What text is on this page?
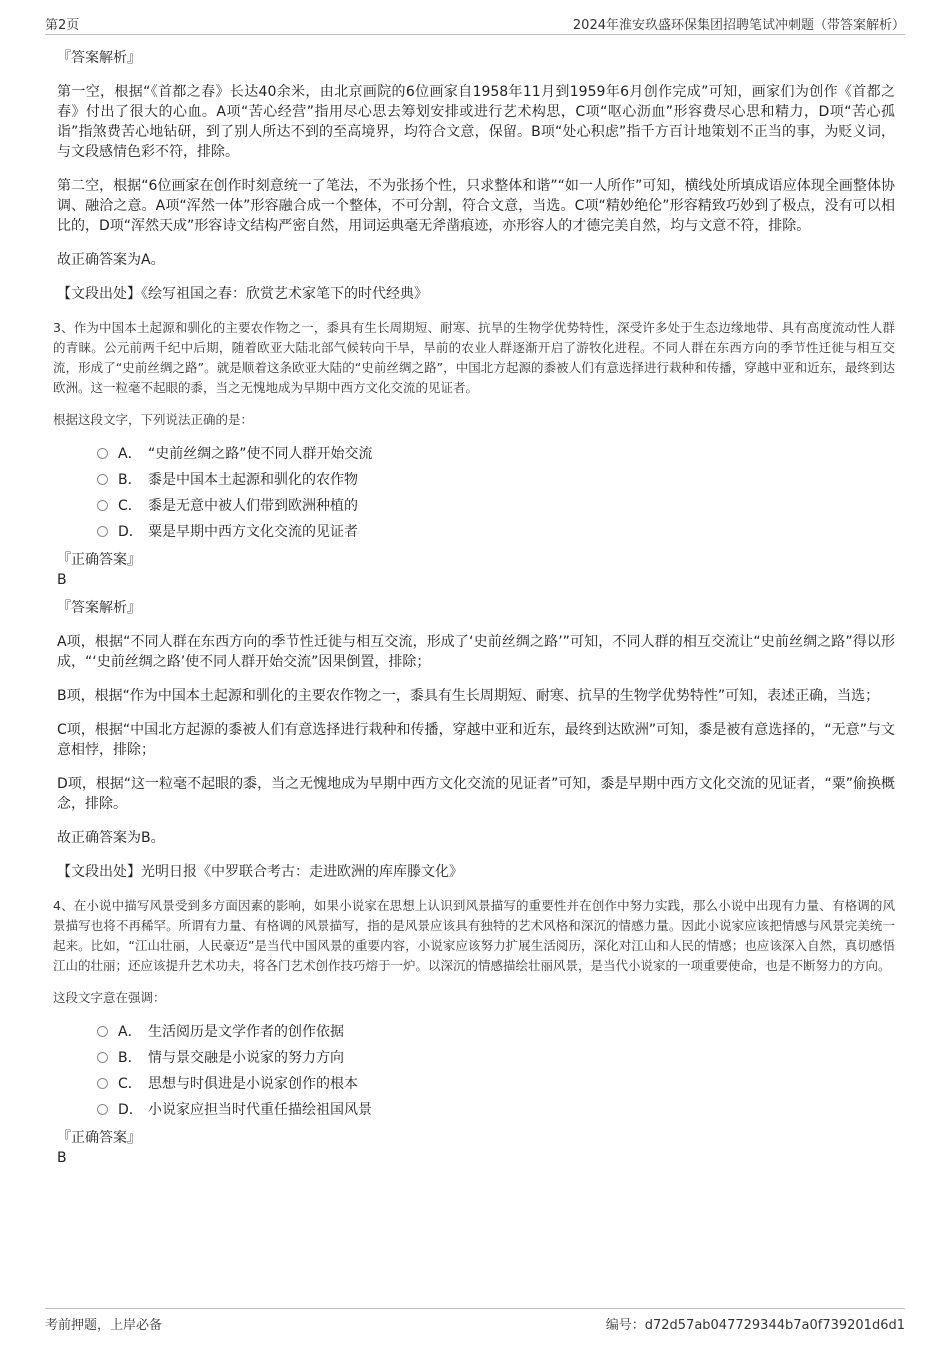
第2页	2024年淮安玖盛环保集团招聘笔试冲刺题（带答案解析）

『答案解析』

第一空，根据“《首都之春》长达40余米，由北京画院的6位画家自1958年11月到1959年6月创作完成”可知，画家们为创作《首都之春》付出了很大的心血。A项“苦心经营”指用尽心思去筹划安排或进行艺术构思，C项“呕心沥血”形容费尽心思和精力，D项“苦心孤诣”指煞费苦心地钻研，到了别人所达不到的至高境界，均符合文意，保留。B项“处心积虑”指千方百计地策划不正当的事，为贬义词，与文段感情色彩不符，排除。

第二空，根据“6位画家在创作时刻意统一了笔法，不为张扬个性，只求整体和谐”“如一人所作”可知，横线处所填成语应体现全画整体协调、融洽之意。A项“浑然一体”形容融合成一个整体，不可分割，符合文意，当选。C项“精妙绝伦”形容精致巧妙到了极点，没有可以相比的，D项“浑然天成”形容诗文结构严密自然，用词运典毫无斧凿痕迹，亦形容人的才德完美自然，均与文意不符，排除。

故正确答案为A。

【文段出处】《绘写祖国之春：欣赏艺术家笔下的时代经典》

3、作为中国本土起源和驯化的主要农作物之一，黍具有生长周期短、耐寒、抗旱的生物学优势特性，深受许多处于生态边缘地带、具有高度流动性人群的青睐。公元前两千纪中后期，随着欧亚大陆北部气候转向干旱，旱前的农业人群逐渐开启了游牧化进程。不同人群在东西方向的季节性迁徙与相互交流，形成了“史前丝绸之路”。就是顺着这条欧亚大陆的“史前丝绸之路”，中国北方起源的黍被人们有意选择进行栽种和传播，穿越中亚和近东，最终到达欧洲。这一粒毫不起眼的黍，当之无愧地成为早期中西方文化交流的见证者。

根据这段文字，下列说法正确的是：

A． “史前丝绸之路”使不同人群开始交流
B． 黍是中国本土起源和驯化的农作物
C． 黍是无意中被人们带到欧洲种植的
D． 粟是早期中西方文化交流的见证者

『正确答案』

B

『答案解析』

A项，根据“不同人群在东西方向的季节性迁徙与相互交流，形成了‘史前丝绸之路’”可知，不同人群的相互交流让“史前丝绸之路”得以形成，“‘史前丝绸之路’使不同人群开始交流”因果倒置，排除；

B项，根据“作为中国本土起源和驯化的主要农作物之一，黍具有生长周期短、耐寒、抗旱的生物学优势特性”可知，表述正确，当选；

C项，根据“中国北方起源的黍被人们有意选择进行栽种和传播，穿越中亚和近东，最终到达欧洲”可知，黍是被有意选择的，“无意”与文意相悖，排除；

D项，根据“这一粒毫不起眼的黍，当之无愧地成为早期中西方文化交流的见证者”可知，黍是早期中西方文化交流的见证者，“粟”偷换概念，排除。

故正确答案为B。

【文段出处】光明日报《中罗联合考古：走进欧洲的库库滕文化》

4、在小说中描写风景受到多方面因素的影响，如果小说家在思想上认识到风景描写的重要性并在创作中努力实践，那么小说中出现有力量、有格调的风景描写也将不再稀罕。所谓有力量、有格调的风景描写，指的是风景应该具有独特的艺术风格和深沉的情感力量。因此小说家应该把情感与风景完美统一起来。比如，“江山壮丽，人民豪迈”是当代中国风景的重要内容，小说家应该努力扩展生活阅历，深化对江山和人民的情感；也应该深入自然，真切感悟江山的壮丽；还应该提升艺术功夫，将各门艺术创作技巧熔于一炉。以深沉的情感描绘壮丽风景，是当代小说家的一项重要使命，也是不断努力的方向。

这段文字意在强调：

A． 生活阅历是文学作者的创作依据
B． 情与景交融是小说家的努力方向
C． 思想与时俱进是小说家创作的根本
D． 小说家应担当时代重任描绘祖国风景

『正确答案』

B

考前押题，上岸必备	编号：d72d57ab047729344b7a0f739201d6d1
